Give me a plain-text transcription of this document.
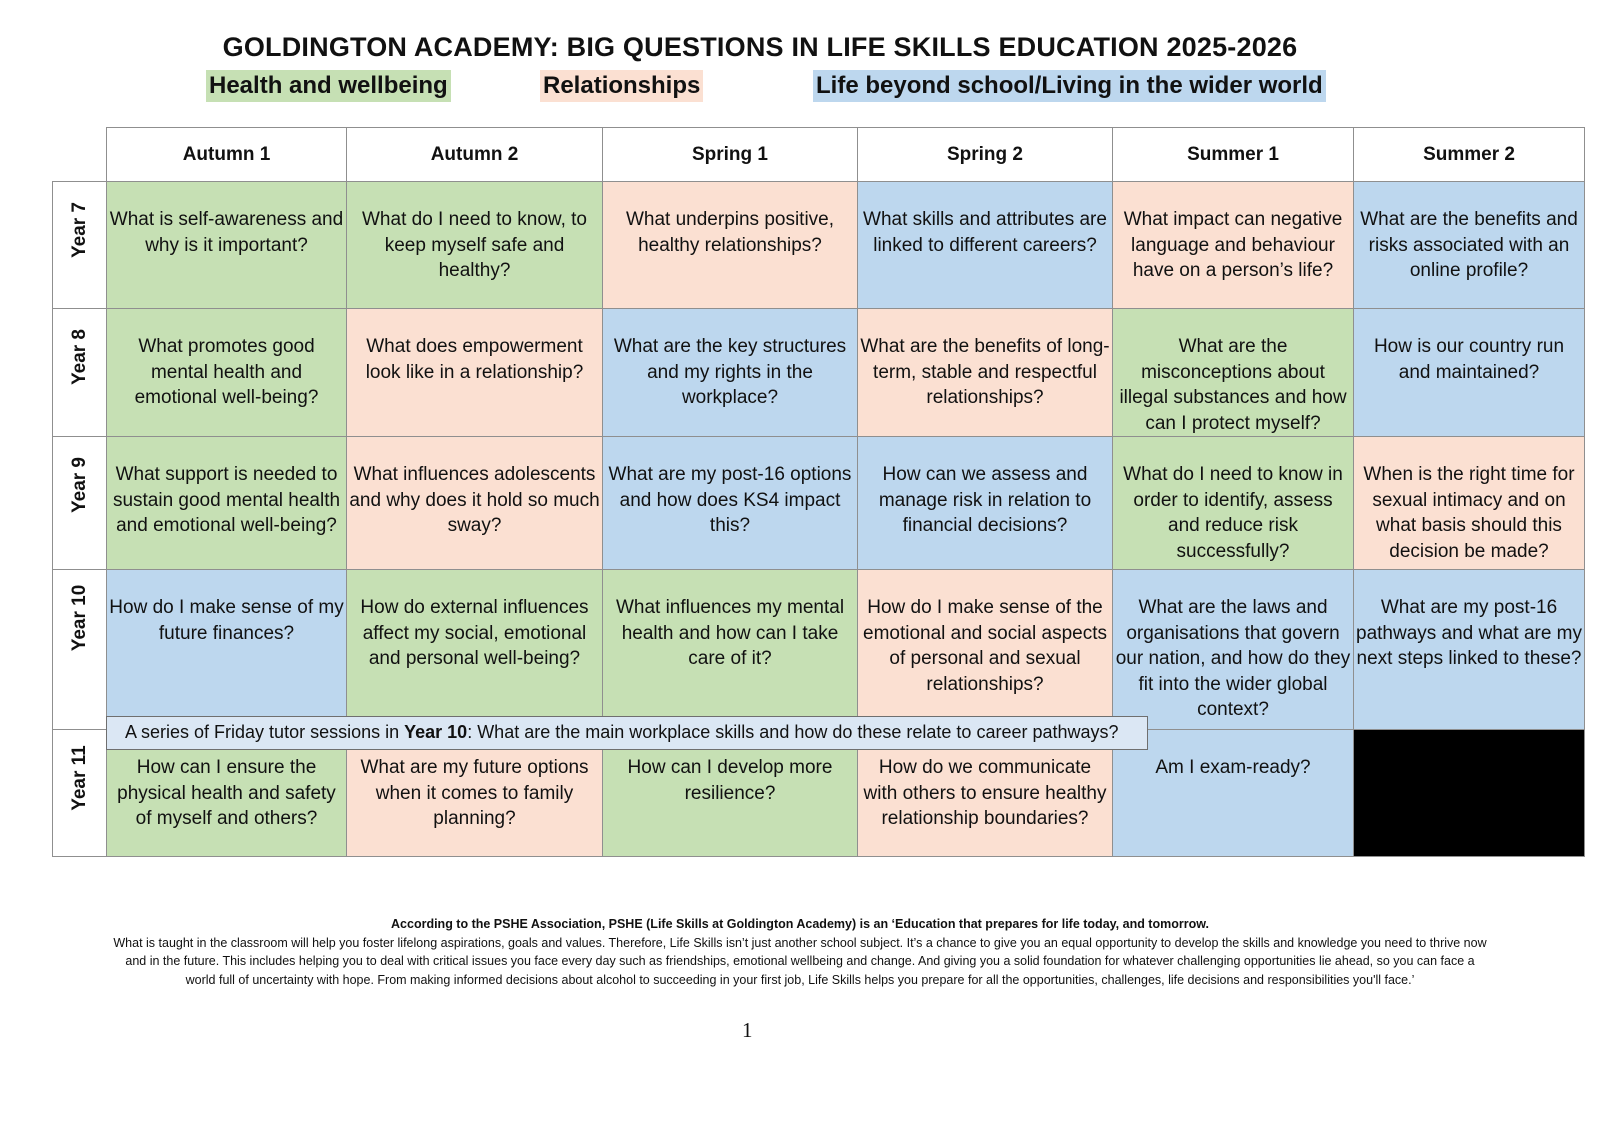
GOLDINGTON ACADEMY: BIG QUESTIONS IN LIFE SKILLS EDUCATION 2025-2026
Health and wellbeing	Relationships	Life beyond school/Living in the wider world
	Autumn 1	Autumn 2	Spring 1	Spring 2	Summer 1	Summer 2

Year 7	What is self-awareness and why is it important?	What do I need to know, to keep myself safe and healthy?	What underpins positive, healthy relationships?	What skills and attributes are linked to different careers?	What impact can negative language and behaviour have on a person’s life?	What are the benefits and risks associated with an online profile?

Year 8	What promotes good mental health and emotional well-being?	What does empowerment look like in a relationship?	What are the key structures and my rights in the workplace?	What are the benefits of long-term, stable and respectful relationships?	What are the misconceptions about illegal substances and how can I protect myself?	How is our country run and maintained?

Year 9	What support is needed to sustain good mental health and emotional well-being?	What influences adolescents and why does it hold so much sway?	What are my post-16 options and how does KS4 impact this?	How can we assess and manage risk in relation to financial decisions?	What do I need to know in order to identify, assess and reduce risk successfully?	When is the right time for sexual intimacy and on what basis should this decision be made?

Year 10	How do I make sense of my future finances?	How do external influences affect my social, emotional and personal well-being?	What influences my mental health and how can I take care of it?	How do I make sense of the emotional and social aspects of personal and sexual relationships?	What are the laws and organisations that govern our nation, and how do they fit into the wider global context?	What are my post-16 pathways and what are my next steps linked to these?

Year 11	How can I ensure the physical health and safety of myself and others?	What are my future options when it comes to family planning?	How can I develop more resilience?	How do we communicate with others to ensure healthy relationship boundaries?	Am I exam-ready?	
A series of Friday tutor sessions in Year 10: What are the main workplace skills and how do these relate to career pathways?
According to the PSHE Association, PSHE (Life Skills at Goldington Academy) is an ‘Education that prepares for life today, and tomorrow.
What is taught in the classroom will help you foster lifelong aspirations, goals and values. Therefore, Life Skills isn’t just another school subject. It’s a chance to give you an equal opportunity to develop the skills and knowledge you need to thrive now and in the future. This includes helping you to deal with critical issues you face every day such as friendships, emotional wellbeing and change. And giving you a solid foundation for whatever challenging opportunities lie ahead, so you can face a world full of uncertainty with hope. From making informed decisions about alcohol to succeeding in your first job, Life Skills helps you prepare for all the opportunities, challenges, life decisions and responsibilities you'll face.’
1
